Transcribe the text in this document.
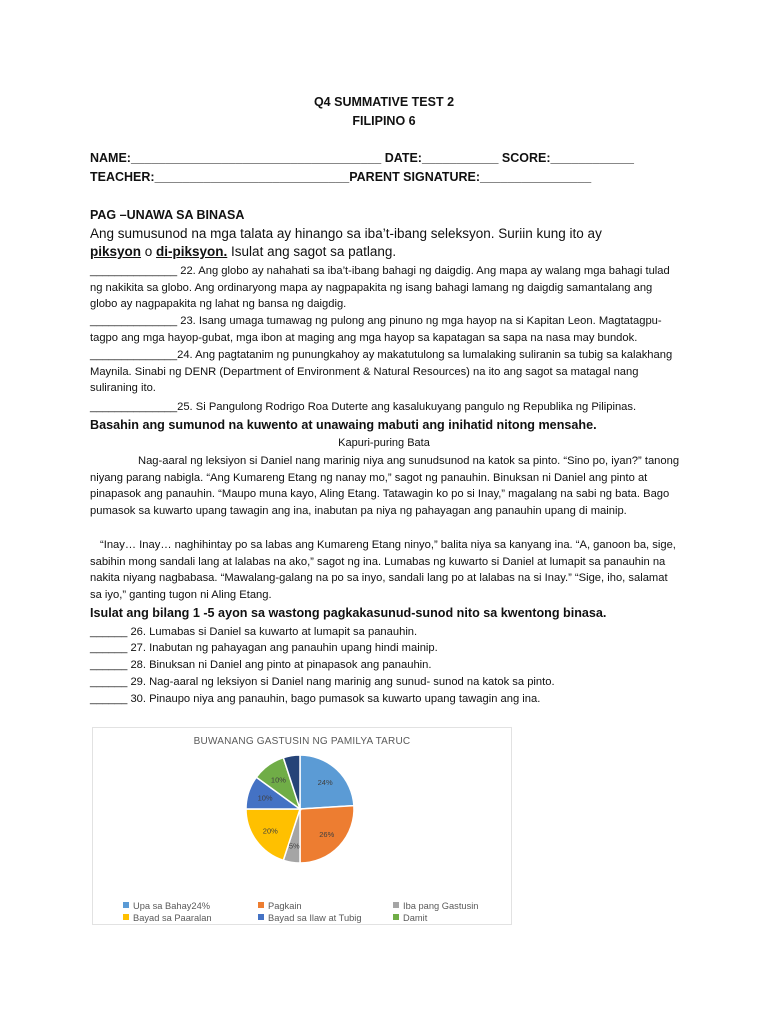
Q4 SUMMATIVE TEST 2
FILIPINO 6
NAME:____________________________________ DATE:___________ SCORE:____________
TEACHER:____________________________PARENT SIGNATURE:________________
PAG –UNAWA SA BINASA
Ang sumusunod na mga talata ay hinango sa iba’t-ibang seleksyon. Suriin kung ito ay piksyon o di-piksyon. Isulat ang sagot sa patlang.
______________ 22. Ang globo ay nahahati sa iba’t-ibang bahagi ng daigdig. Ang mapa ay walang mga bahagi tulad ng nakikita sa globo. Ang ordinaryong mapa ay nagpapakita ng isang bahagi lamang ng daigdig samantalang ang globo ay nagpapakita ng lahat ng bansa ng daigdig.
______________ 23. Isang umaga tumawag ng pulong ang pinuno ng mga hayop na si Kapitan Leon. Magtatagpu-tagpo ang mga hayop-gubat, mga ibon at maging ang mga hayop sa kapatagan sa sapa na nasa may bundok.
______________24. Ang pagtatanim ng punungkahoy ay makatutulong sa lumalaking suliranin sa tubig sa kalakhang Maynila. Sinabi ng DENR (Department of Environment & Natural Resources) na ito ang sagot sa matagal nang suliraning ito.
______________25. Si Pangulong Rodrigo Roa Duterte ang kasalukuyang pangulo ng Republika ng Pilipinas.
Basahin ang sumunod na kuwento at unawaing mabuti ang inihatid nitong mensahe.
Kapuri-puring Bata
Nag-aaral ng leksiyon si Daniel nang marinig niya ang sunudsunod na katok sa pinto. “Sino po, iyan?” tanong niyang parang nabigla. “Ang Kumareng Etang ng nanay mo,” sagot ng panauhin. Binuksan ni Daniel ang pinto at pinapasok ang panauhin. “Maupo muna kayo, Aling Etang. Tatawagin ko po si Inay,” magalang na sabi ng bata. Bago pumasok sa kuwarto upang tawagin ang ina, inabutan pa niya ng pahayagan ang panauhin upang di mainip.
“Inay… Inay… naghihintay po sa labas ang Kumareng Etang ninyo,” balita niya sa kanyang ina. “A, ganoon ba, sige, sabihin mong sandali lang at lalabas na ako,” sagot ng ina. Lumabas ng kuwarto si Daniel at lumapit sa panauhin na nakita niyang nagbabasa. “Mawalang-galang na po sa inyo, sandali lang po at lalabas na si Inay.” “Sige, iho, salamat sa iyo,” ganting tugon ni Aling Etang.
Isulat ang bilang 1 -5 ayon sa wastong pagkakasunud-sunod nito sa kwentong binasa.
______ 26. Lumabas si Daniel sa kuwarto at lumapit sa panauhin.
______ 27. Inabutan ng pahayagan ang panauhin upang hindi mainip.
______ 28. Binuksan ni Daniel ang pinto at pinapasok ang panauhin.
______ 29. Nag-aaral ng leksiyon si Daniel nang marinig ang sunud- sunod na katok sa pinto.
______ 30. Pinaupo niya ang panauhin, bago pumasok sa kuwarto upang tawagin ang ina.
BUWANANG GASTUSIN NG PAMILYA TARUC
24%
26%
5%
20%
10%
10%
Upa sa Bahay24%	Pagkain	Iba pang Gastusin
Bayad sa Paaralan	Bayad sa Ilaw at Tubig	Damit
